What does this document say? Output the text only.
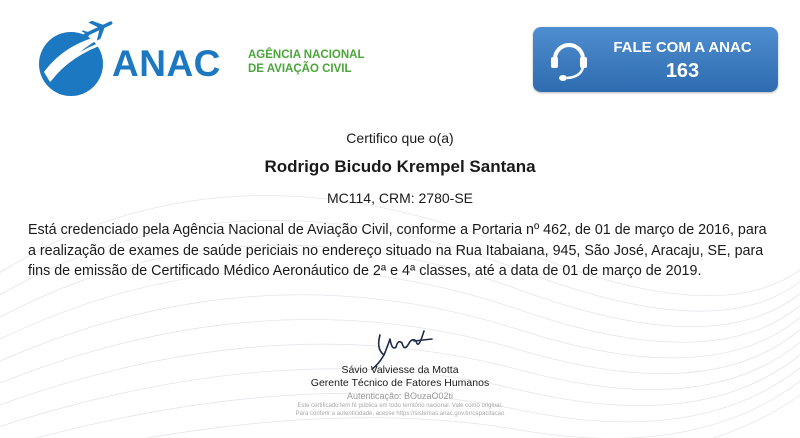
ANAC AGÊNCIA NACIONAL
DE AVIAÇÃO CIVIL
FALE COM A ANAC
163
Certifico que o(a)
Rodrigo Bicudo Krempel Santana
MC114, CRM: 2780-SE
Está credenciado pela Agência Nacional de Aviação Civil, conforme a Portaria nº 462, de 01 de março de 2016, para a realização de exames de saúde periciais no endereço situado na Rua Itabaiana, 945, São José, Aracaju, SE, para fins de emissão de Certificado Médico Aeronáutico de 2ª e 4ª classes, até a data de 01 de março de 2019.
Sávio Valviesse da Motta
Gerente Técnico de Fatores Humanos
Autenticação: BOuzaO02ti
Este certificado tem fé pública em todo território nacional. Vale como original.
Para conferir a autenticidade, acesse https://sistemas.anac.gov.br/capacitacao
